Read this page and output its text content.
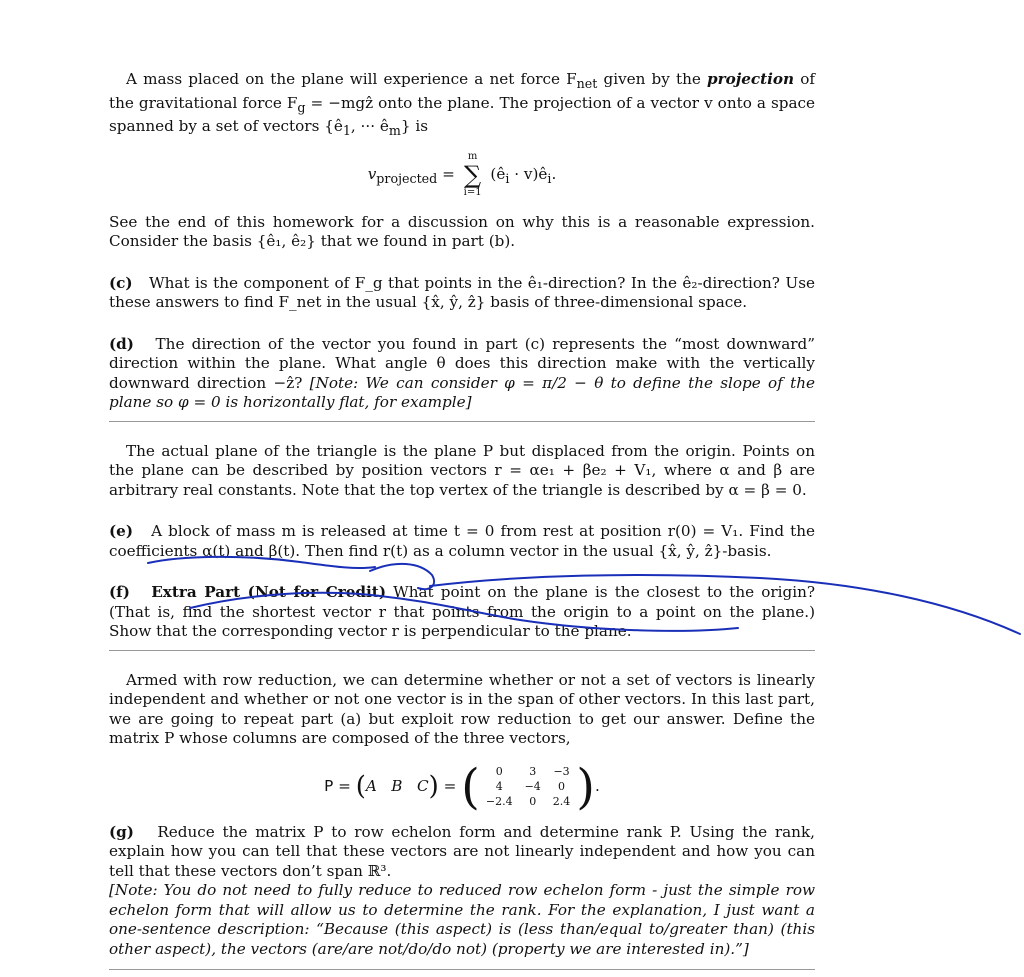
A mass placed on the plane will experience a net force $F_{net}$ given by the projection of the gravitational force $F_g$ = −mgẑ onto the plane. The projection of a vector v onto a space spanned by a set of vectors {$ê_1$, ··· $ê_m$} is

$v_{projected}$ =
m
∑
i=1
($ê_i$ · $v)ê_i$.

See the end of this homework for a discussion on why this is a reasonable expression. Consider the basis {ê₁, ê₂} that we found in part (b).

(c) What is the component of F_g that points in the ê₁-direction? In the ê₂-direction? Use these answers to find F_net in the usual {x̂, ŷ, ẑ} basis of three-dimensional space.

(d) The direction of the vector you found in part (c) represents the “most downward” direction within the plane. What angle θ does this direction make with the vertically downward direction −ẑ? [Note: We can consider φ = π/2 − θ to define the slope of the plane so φ = 0 is horizontally flat, for example]

The actual plane of the triangle is the plane P but displaced from the origin. Points on the plane can be described by position vectors r = αe₁ + βe₂ + V₁, where α and β are arbitrary real constants. Note that the top vertex of the triangle is described by α = β = 0.

(e) A block of mass m is released at time t = 0 from rest at position r(0) = V₁. Find the coefficients α(t) and β(t). Then find r(t) as a column vector in the usual {x̂, ŷ, ẑ}-basis.

(f) Extra Part (Not for Credit) What point on the plane is the closest to the origin? (That is, find the shortest vector r that points from the origin to a point on the plane.) Show that the corresponding vector r is perpendicular to the plane.

Armed with row reduction, we can determine whether or not a set of vectors is linearly independent and whether or not one vector is in the span of other vectors. In this last part, we are going to repeat part (a) but exploit row reduction to get our answer. Define the matrix P whose columns are composed of the three vectors,

P = (A   B   C) = ( 0	3	−3
4	−4	0
−2.4	0	2.4 ).

(g) Reduce the matrix P to row echelon form and determine rank P. Using the rank, explain how you can tell that these vectors are not linearly independent and how you can tell that these vectors don’t span ℝ³.

[Note: You do not need to fully reduce to reduced row echelon form - just the simple row echelon form that will allow us to determine the rank. For the explanation, I just want a one-sentence description: “Because (this aspect) is (less than/equal to/greater than) (this other aspect), the vectors (are/are not/do/do not) (property we are interested in).”]
